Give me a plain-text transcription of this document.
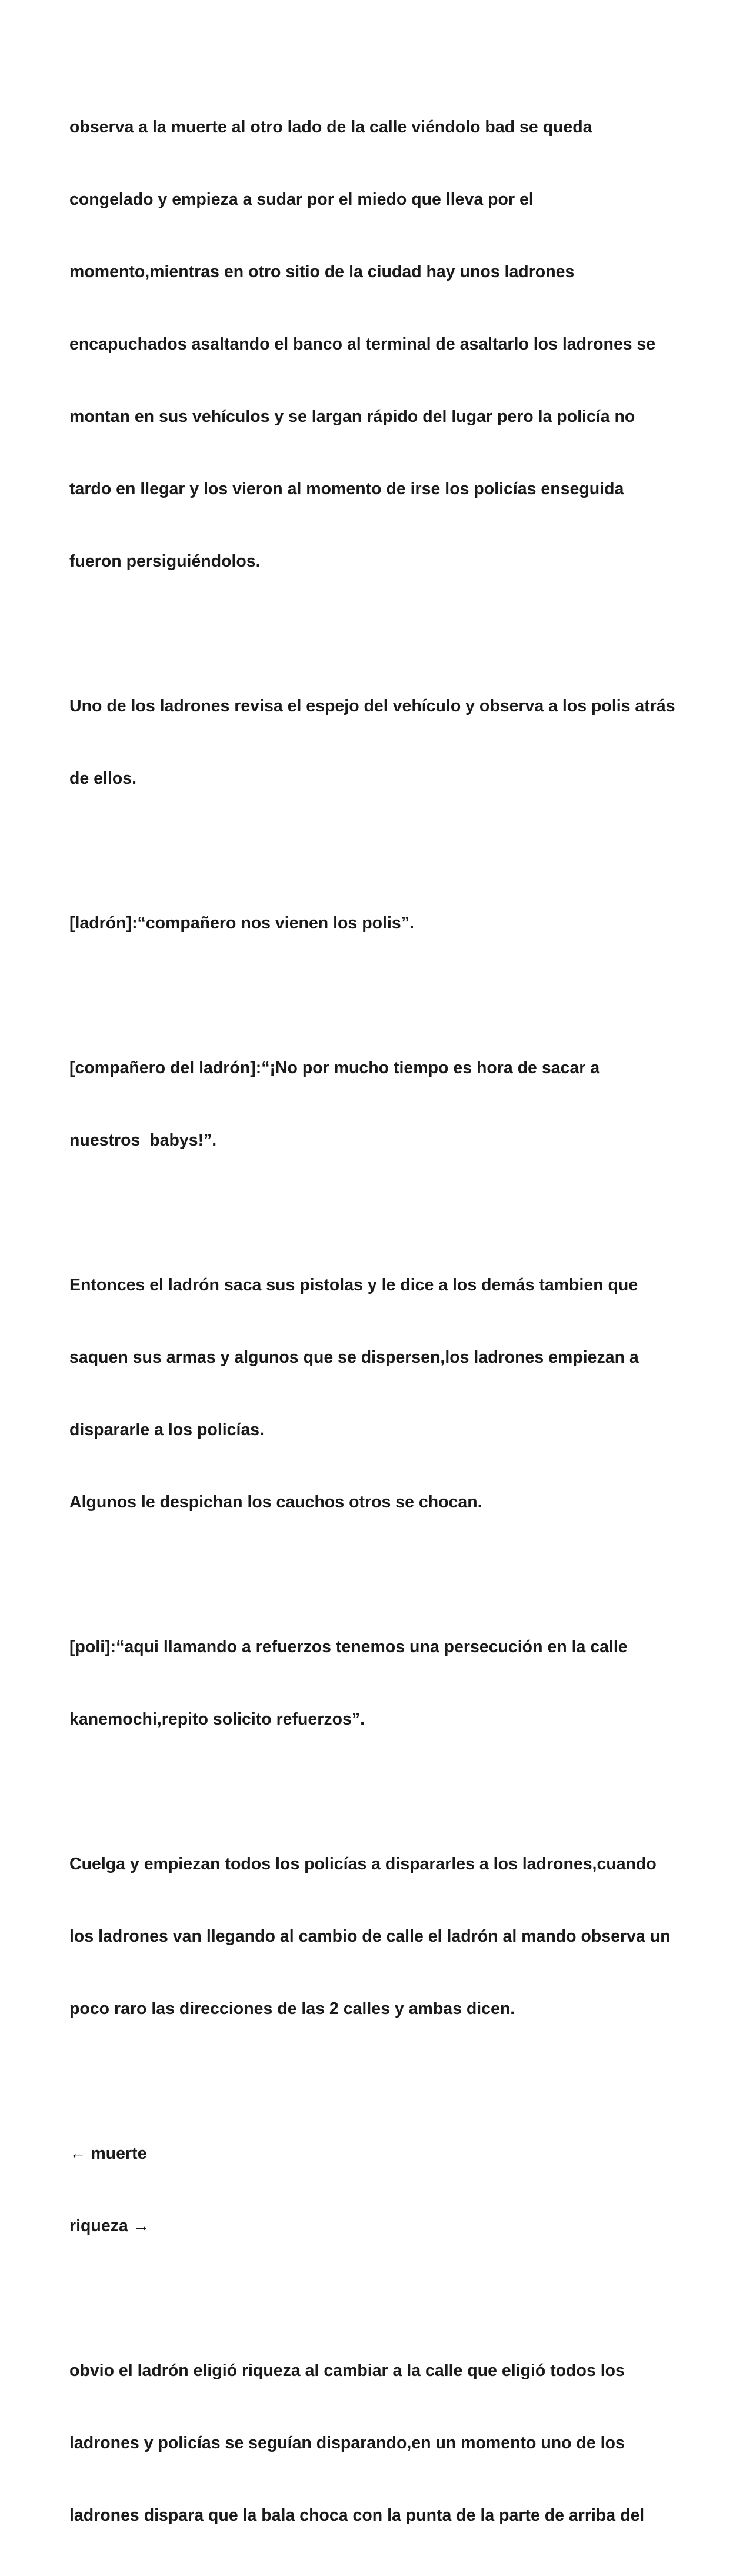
observa a la muerte al otro lado de la calle viéndolo bad se queda

congelado y empieza a sudar por el miedo que lleva por el

momento,mientras en otro sitio de la ciudad hay unos ladrones

encapuchados asaltando el banco al terminal de asaltarlo los ladrones se

montan en sus vehículos y se largan rápido del lugar pero la policía no

tardo en llegar y los vieron al momento de irse los policías enseguida

fueron persiguiéndolos.

Uno de los ladrones revisa el espejo del vehículo y observa a los polis atrás

de ellos.

[ladrón]:“compañero nos vienen los polis”.

[compañero del ladrón]:“¡No por mucho tiempo es hora de sacar a

nuestros  babys!”.

Entonces el ladrón saca sus pistolas y le dice a los demás tambien que

saquen sus armas y algunos que se dispersen,los ladrones empiezan a

dispararle a los policías.

Algunos le despichan los cauchos otros se chocan.

[poli]:“aqui llamando a refuerzos tenemos una persecución en la calle

kanemochi,repito solicito refuerzos”.

Cuelga y empiezan todos los policías a dispararles a los ladrones,cuando

los ladrones van llegando al cambio de calle el ladrón al mando observa un

poco raro las direcciones de las 2 calles y ambas dicen.

← muerte

riqueza →

obvio el ladrón eligió riqueza al cambiar a la calle que eligió todos los

ladrones y policías se seguían disparando,en un momento uno de los

ladrones dispara que la bala choca con la punta de la parte de arriba del
